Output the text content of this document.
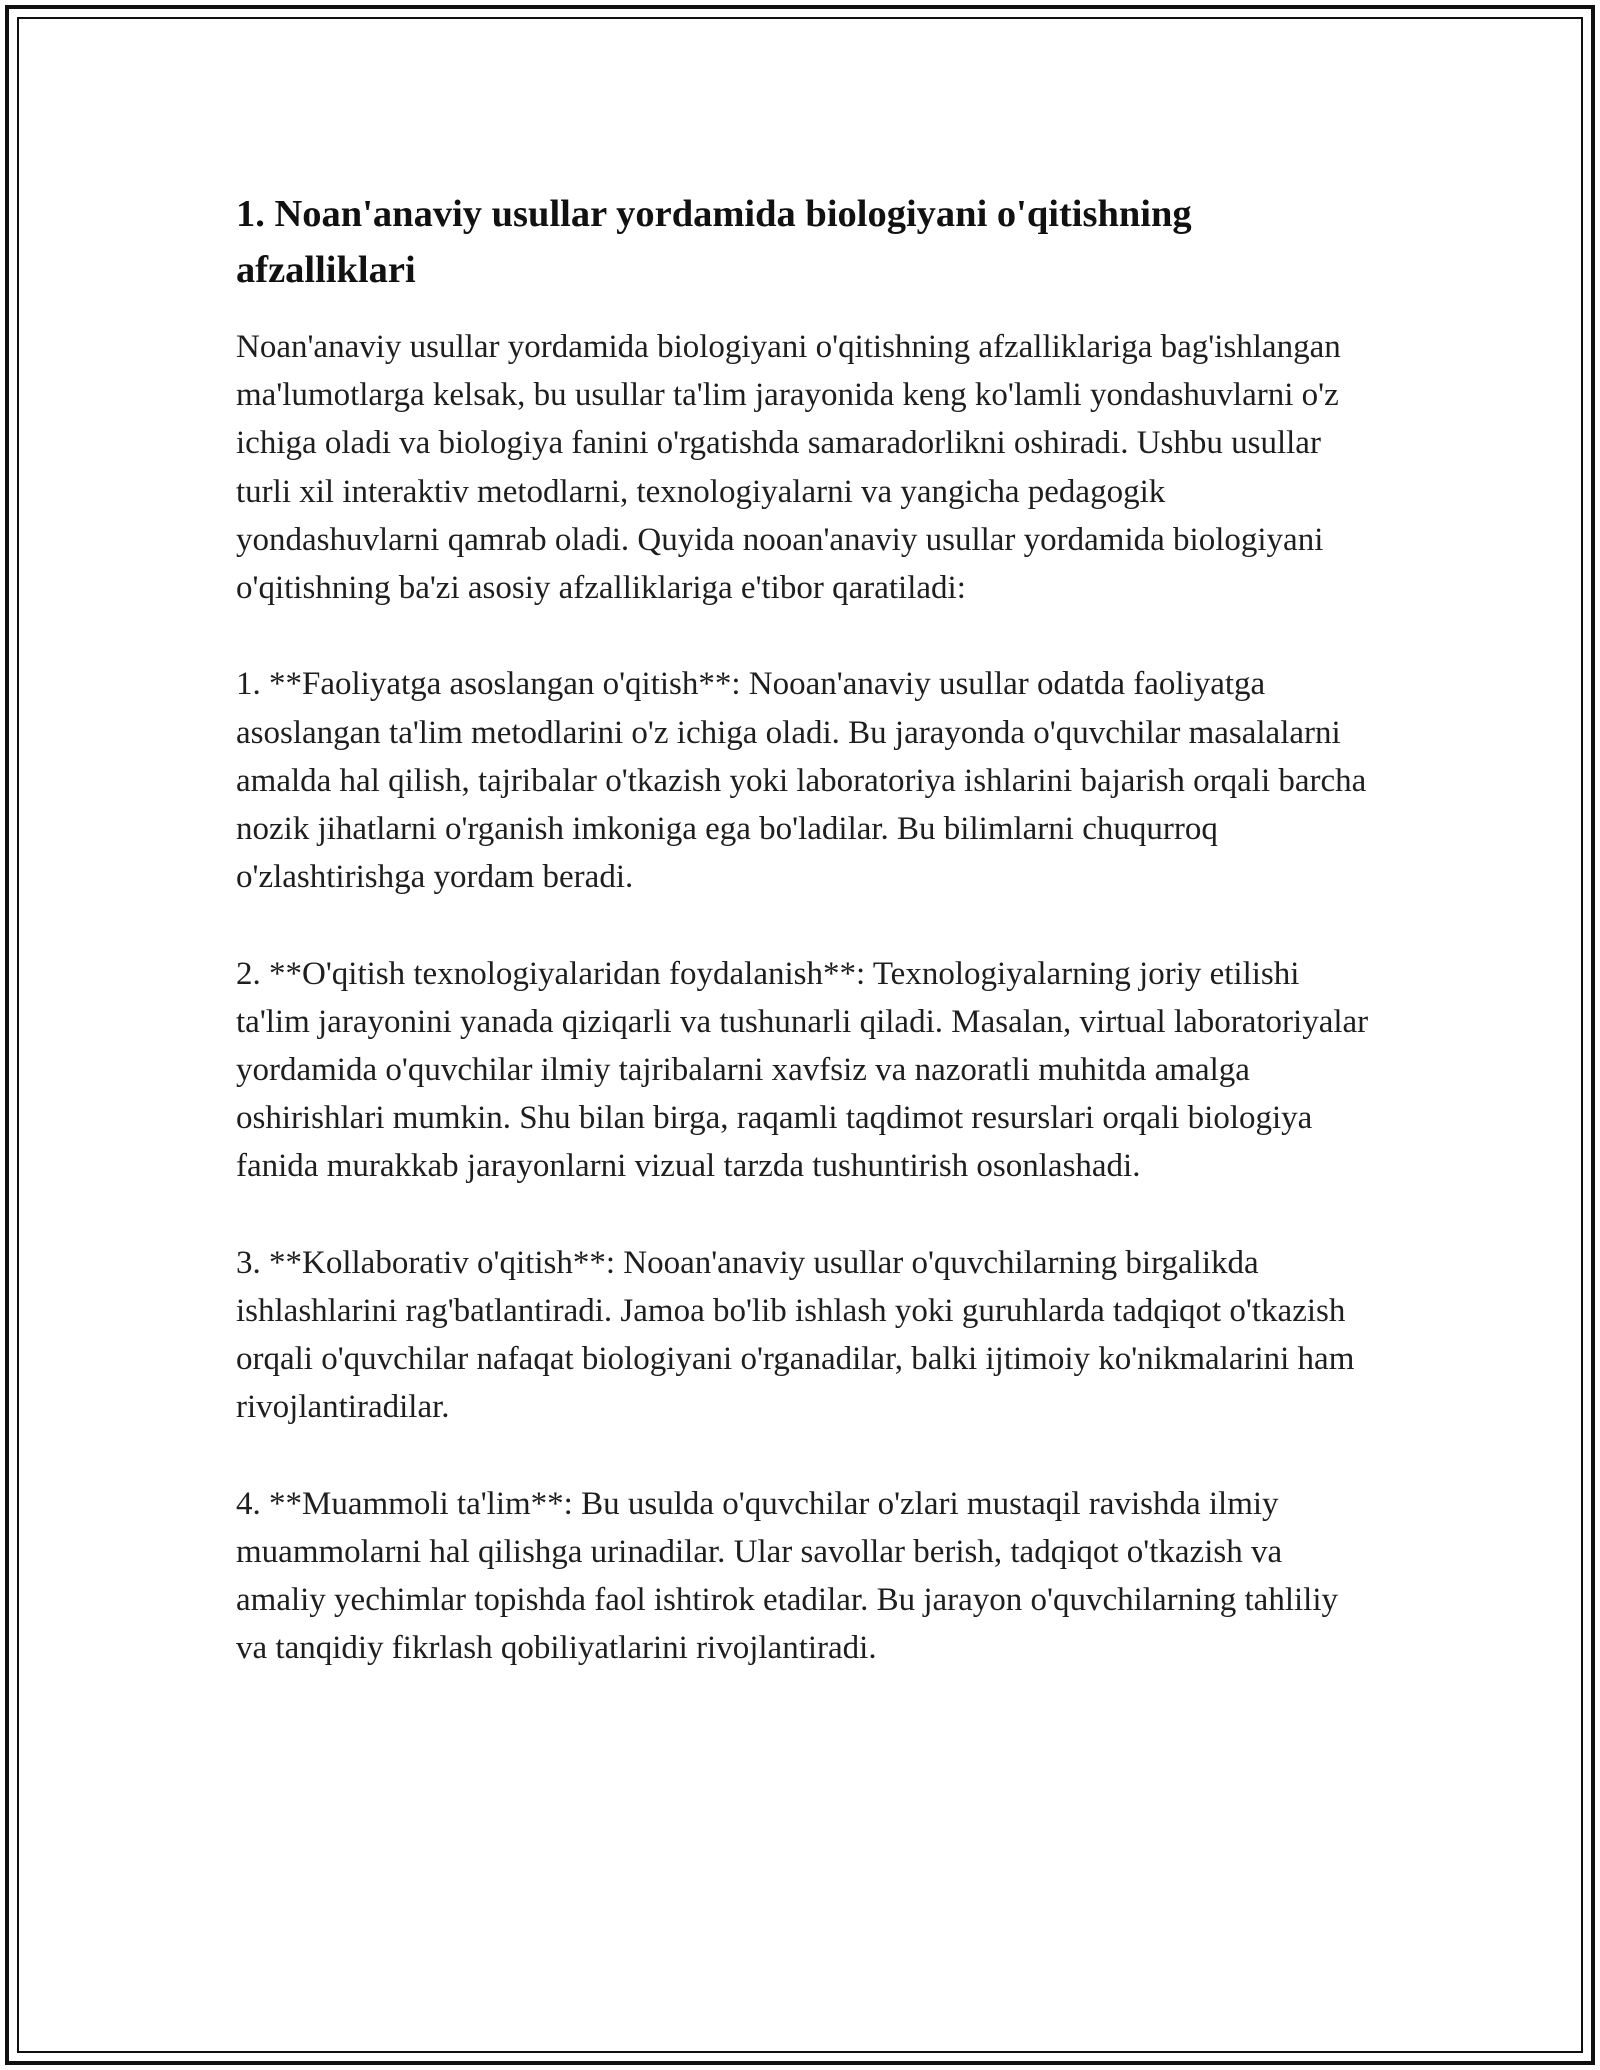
1. Noan'anaviy usullar yordamida biologiyani o'qitishning afzalliklari

Noan'anaviy usullar yordamida biologiyani o'qitishning afzalliklariga bag'ishlangan ma'lumotlarga kelsak, bu usullar ta'lim jarayonida keng ko'lamli yondashuvlarni o'z ichiga oladi va biologiya fanini o'rgatishda samaradorlikni oshiradi. Ushbu usullar turli xil interaktiv metodlarni, texnologiyalarni va yangicha pedagogik yondashuvlarni qamrab oladi. Quyida nooan'anaviy usullar yordamida biologiyani o'qitishning ba'zi asosiy afzalliklariga e'tibor qaratiladi:

1. **Faoliyatga asoslangan o'qitish**: Nooan'anaviy usullar odatda faoliyatga asoslangan ta'lim metodlarini o'z ichiga oladi. Bu jarayonda o'quvchilar masalalarni amalda hal qilish, tajribalar o'tkazish yoki laboratoriya ishlarini bajarish orqali barcha nozik jihatlarni o'rganish imkoniga ega bo'ladilar. Bu bilimlarni chuqurroq o'zlashtirishga yordam beradi.

2. **O'qitish texnologiyalaridan foydalanish**: Texnologiyalarning joriy etilishi ta'lim jarayonini yanada qiziqarli va tushunarli qiladi. Masalan, virtual laboratoriyalar yordamida o'quvchilar ilmiy tajribalarni xavfsiz va nazoratli muhitda amalga oshirishlari mumkin. Shu bilan birga, raqamli taqdimot resurslari orqali biologiya fanida murakkab jarayonlarni vizual tarzda tushuntirish osonlashadi.

3. **Kollaborativ o'qitish**: Nooan'anaviy usullar o'quvchilarning birgalikda ishlashlarini rag'batlantiradi. Jamoa bo'lib ishlash yoki guruhlarda tadqiqot o'tkazish orqali o'quvchilar nafaqat biologiyani o'rganadilar, balki ijtimoiy ko'nikmalarini ham rivojlantiradilar.

4. **Muammoli ta'lim**: Bu usulda o'quvchilar o'zlari mustaqil ravishda ilmiy muammolarni hal qilishga urinadilar. Ular savollar berish, tadqiqot o'tkazish va amaliy yechimlar topishda faol ishtirok etadilar. Bu jarayon o'quvchilarning tahliliy va tanqidiy fikrlash qobiliyatlarini rivojlantiradi.
